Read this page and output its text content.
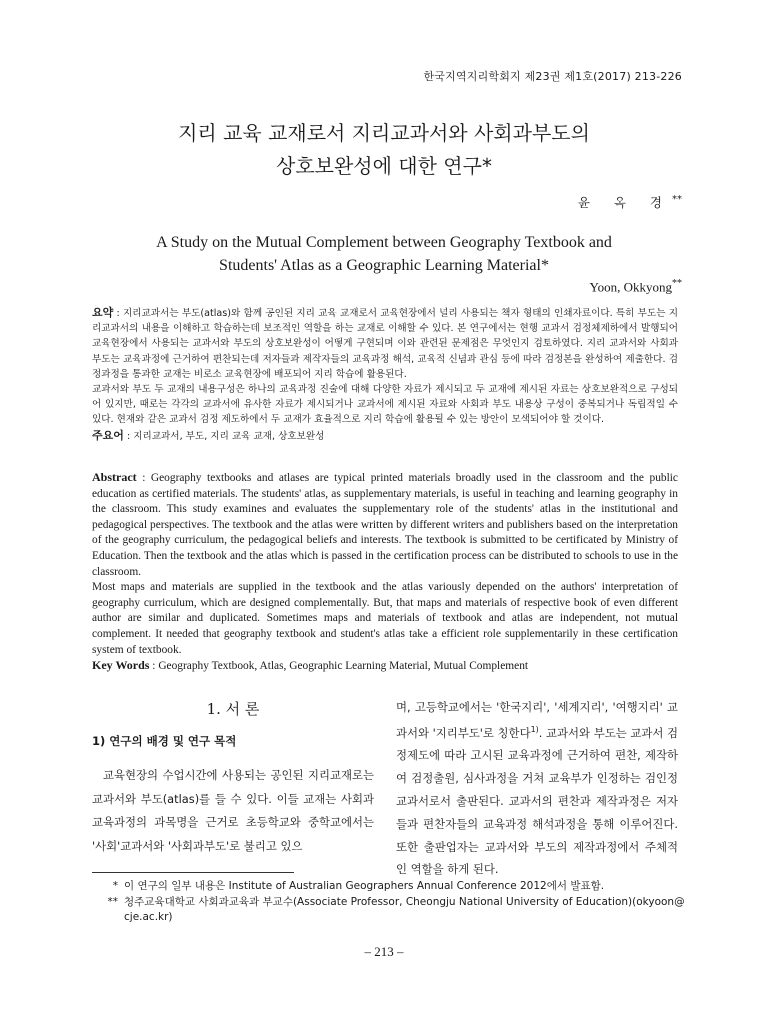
한국지역지리학회지 제23권 제1호(2017) 213-226
지리 교육 교재로서 지리교과서와 사회과부도의
상호보완성에 대한 연구*
윤 옥 경**
A Study on the Mutual Complement between Geography Textbook and
Students' Atlas as a Geographic Learning Material*
Yoon, Okkyong**

요약 : 지리교과서는 부도(atlas)와 함께 공인된 지리 교육 교재로서 교육현장에서 널리 사용되는 책자 형태의 인쇄자료이다. 특히 부도는 지리교과서의 내용을 이해하고 학습하는데 보조적인 역할을 하는 교재로 이해할 수 있다. 본 연구에서는 현행 교과서 검정체제하에서 발행되어 교육현장에서 사용되는 교과서와 부도의 상호보완성이 어떻게 구현되며 이와 관련된 문제점은 무엇인지 검토하였다. 지리 교과서와 사회과 부도는 교육과정에 근거하여 편찬되는데 저자들과 제작자들의 교육과정 해석, 교육적 신념과 관심 등에 따라 검정본을 완성하여 제출한다. 검정과정을 통과한 교재는 비로소 교육현장에 배포되어 지리 학습에 활용된다.

교과서와 부도 두 교재의 내용구성은 하나의 교육과정 진술에 대해 다양한 자료가 제시되고 두 교재에 제시된 자료는 상호보완적으로 구성되어 있지만, 때로는 각각의 교과서에 유사한 자료가 제시되거나 교과서에 제시된 자료와 사회과 부도 내용상 구성이 중복되거나 독립적일 수 있다. 현재와 같은 교과서 검정 제도하에서 두 교재가 효율적으로 지리 학습에 활용될 수 있는 방안이 모색되어야 할 것이다.

주요어 : 지리교과서, 부도, 지리 교육 교재, 상호보완성

Abstract : Geography textbooks and atlases are typical printed materials broadly used in the classroom and the public education as certified materials. The students' atlas, as supplementary materials, is useful in teaching and learning geography in the classroom. This study examines and evaluates the supplementary role of the students' atlas in the institutional and pedagogical perspectives. The textbook and the atlas were written by different writers and publishers based on the interpretation of the geography curriculum, the pedagogical beliefs and interests. The textbook is submitted to be certificated by Ministry of Education. Then the textbook and the atlas which is passed in the certification process can be distributed to schools to use in the classroom.

Most maps and materials are supplied in the textbook and the atlas variously depended on the authors' interpretation of geography curriculum, which are designed complementally. But, that maps and materials of respective book of even different author are similar and duplicated. Sometimes maps and materials of textbook and atlas are independent, not mutual complement. It needed that geography textbook and student's atlas take a efficient role supplementarily in these certification system of textbook.

Key Words : Geography Textbook, Atlas, Geographic Learning Material, Mutual Complement

1. 서 론
1) 연구의 배경 및 연구 목적

교육현장의 수업시간에 사용되는 공인된 지리교재로는 교과서와 부도(atlas)를 들 수 있다. 이들 교재는 사회과 교육과정의 과목명을 근거로 초등학교와 중학교에서는 '사회'교과서와 '사회과부도'로 불리고 있으

며, 고등학교에서는 '한국지리', '세계지리', '여행지리' 교과서와 '지리부도'로 칭한다$^{1)}$. 교과서와 부도는 교과서 검정제도에 따라 고시된 교육과정에 근거하여 편찬, 제작하여 검정출원, 심사과정을 거쳐 교육부가 인정하는 검인정 교과서로서 출판된다. 교과서의 편찬과 제작과정은 저자들과 편찬자들의 교육과정 해석과정을 통해 이루어진다. 또한 출판업자는 교과서와 부도의 제작과정에서 주체적인 역할을 하게 된다.

* 이 연구의 일부 내용은 Institute of Australian Geographers Annual Conference 2012에서 발표함.
** 청주교육대학교 사회과교육과 부교수(Associate Professor, Cheongju National University of Education)(okyoon@
cje.ac.kr)
– 213 –
